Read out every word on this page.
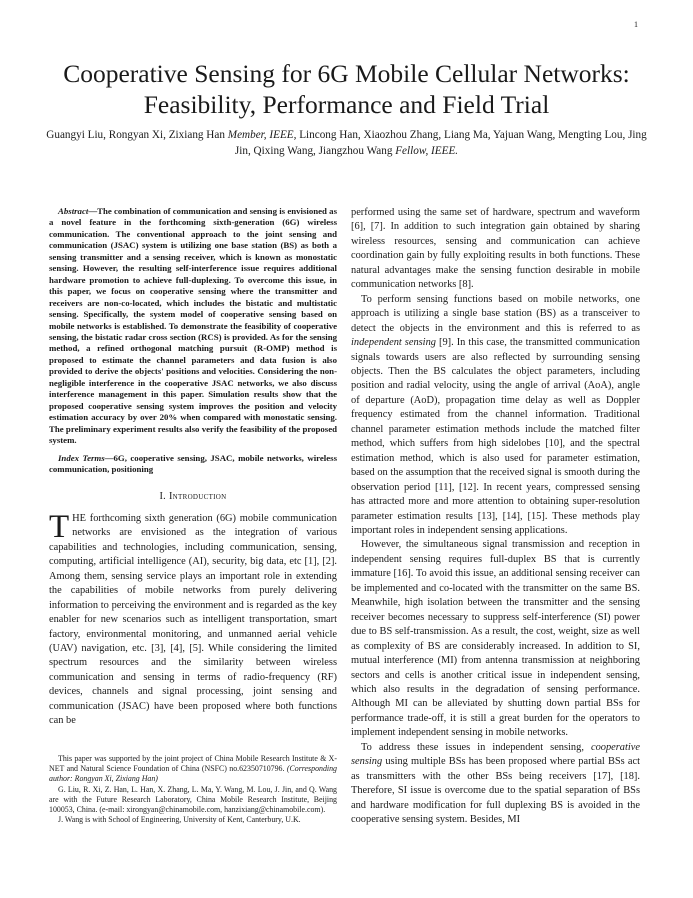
1
Cooperative Sensing for 6G Mobile Cellular Networks: Feasibility, Performance and Field Trial

Guangyi Liu, Rongyan Xi, Zixiang Han Member, IEEE, Lincong Han, Xiaozhou Zhang, Liang Ma, Yajuan Wang, Mengting Lou, Jing Jin, Qixing Wang, Jiangzhou Wang Fellow, IEEE.

Abstract—The combination of communication and sensing is envisioned as a novel feature in the forthcoming sixth-generation (6G) wireless communication. The conventional approach to the joint sensing and communication (JSAC) system is utilizing one base station (BS) as both a sensing transmitter and a sensing receiver, which is known as monostatic sensing. However, the resulting self-interference issue requires additional hardware promotion to achieve full-duplexing. To overcome this issue, in this paper, we focus on cooperative sensing where the transmitter and receivers are non-co-located, which includes the bistatic and multistatic sensing. Specifically, the system model of cooperative sensing based on mobile networks is established. To demonstrate the feasibility of cooperative sensing, the bistatic radar cross section (RCS) is provided. As for the sensing method, a refined orthogonal matching pursuit (R-OMP) method is proposed to estimate the channel parameters and data fusion is also provided to derive the objects' positions and velocities. Considering the non-negligible interference in the cooperative JSAC networks, we also discuss interference management in this paper. Simulation results show that the proposed cooperative sensing system improves the position and velocity estimation accuracy by over 20% when compared with monostatic sensing. The preliminary experiment results also verify the feasibility of the proposed system.

Index Terms—6G, cooperative sensing, JSAC, mobile networks, wireless communication, positioning

I. Introduction

THE forthcoming sixth generation (6G) mobile communication networks are envisioned as the integration of various capabilities and technologies, including communication, sensing, computing, artificial intelligence (AI), security, big data, etc [1], [2]. Among them, sensing service plays an important role in extending the capabilities of mobile networks from purely delivering information to perceiving the environment and is regarded as the key enabler for new scenarios such as intelligent transportation, smart factory, environmental monitoring, and unmanned aerial vehicle (UAV) navigation, etc. [3], [4], [5]. While considering the limited spectrum resources and the similarity between wireless communication and sensing in terms of radio-frequency (RF) devices, channels and signal processing, joint sensing and communication (JSAC) have been proposed where both functions can be

This paper was supported by the joint project of China Mobile Research Institute & X-NET and Natural Science Foundation of China (NSFC) no.62350710796. (Corresponding author: Rongyan Xi, Zixiang Han)

G. Liu, R. Xi, Z. Han, L. Han, X. Zhang, L. Ma, Y. Wang, M. Lou, J. Jin, and Q. Wang are with the Future Research Laboratory, China Mobile Research Institute, Beijing 100053, China. (e-mail: xirongyan@chinamobile.com, hanzixiang@chinamobile.com).

J. Wang is with School of Engineering, University of Kent, Canterbury, U.K.

performed using the same set of hardware, spectrum and waveform [6], [7]. In addition to such integration gain obtained by sharing wireless resources, sensing and communication can achieve coordination gain by fully exploiting results in both functions. These natural advantages make the sensing function desirable in mobile communication networks [8].

To perform sensing functions based on mobile networks, one approach is utilizing a single base station (BS) as a transceiver to detect the objects in the environment and this is referred to as independent sensing [9]. In this case, the transmitted communication signals towards users are also reflected by surrounding sensing objects. Then the BS calculates the object parameters, including position and radial velocity, using the angle of arrival (AoA), angle of departure (AoD), propagation time delay as well as Doppler frequency estimated from the channel information. Traditional channel parameter estimation methods include the matched filter method, which suffers from high sidelobes [10], and the spectral estimation method, which is also used for parameter estimation, based on the assumption that the received signal is smooth during the observation period [11], [12]. In recent years, compressed sensing has attracted more and more attention to obtaining super-resolution parameter estimation results [13], [14], [15]. These methods play important roles in independent sensing applications.

However, the simultaneous signal transmission and reception in independent sensing requires full-duplex BS that is currently immature [16]. To avoid this issue, an additional sensing receiver can be implemented and co-located with the transmitter on the same BS. Meanwhile, high isolation between the transmitter and the sensing receiver becomes necessary to suppress self-interference (SI) power due to BS self-transmission. As a result, the cost, weight, size as well as complexity of BS are considerably increased. In addition to SI, mutual interference (MI) from antenna transmission at neighboring sectors and cells is another critical issue in independent sensing, which also results in the degradation of sensing performance. Although MI can be alleviated by shutting down partial BSs for performance trade-off, it is still a great burden for the operators to implement independent sensing in mobile networks.

To address these issues in independent sensing, cooperative sensing using multiple BSs has been proposed where partial BSs act as transmitters with the other BSs being receivers [17], [18]. Therefore, SI issue is overcome due to the spatial separation of BSs and hardware modification for full duplexing BS is avoided in the cooperative sensing system. Besides, MI
